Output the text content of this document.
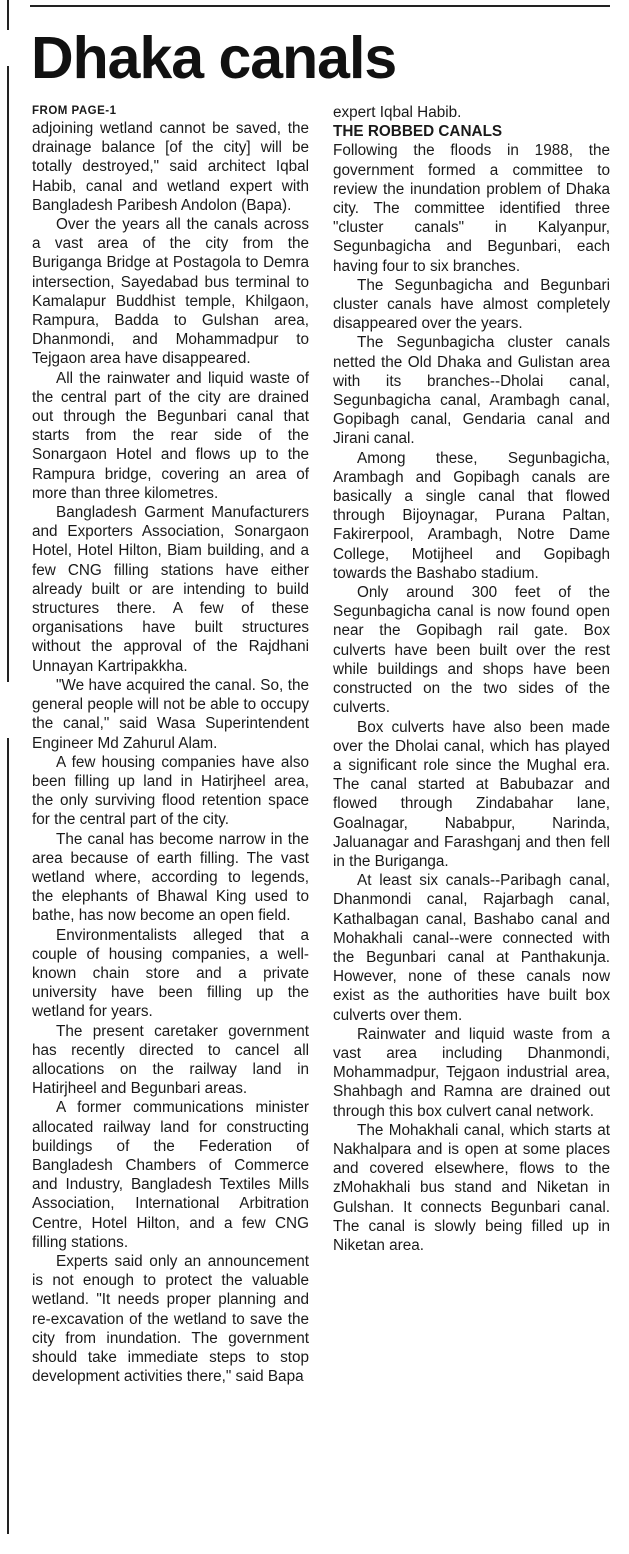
Dhaka canals
FROM PAGE-1

adjoining wetland cannot be saved, the drainage balance [of the city] will be totally destroyed," said architect Iqbal Habib, canal and wetland expert with Bangladesh Paribesh Andolon (Bapa).

Over the years all the canals across a vast area of the city from the Buriganga Bridge at Postagola to Demra intersection, Sayedabad bus terminal to Kamalapur Buddhist temple, Khilgaon, Rampura, Badda to Gulshan area, Dhanmondi, and Mohammadpur to Tejgaon area have disappeared.

All the rainwater and liquid waste of the central part of the city are drained out through the Begunbari canal that starts from the rear side of the Sonargaon Hotel and flows up to the Rampura bridge, covering an area of more than three kilometres.

Bangladesh Garment Manufacturers and Exporters Association, Sonargaon Hotel, Hotel Hilton, Biam building, and a few CNG filling stations have either already built or are intending to build structures there. A few of these organisations have built structures without the approval of the Rajdhani Unnayan Kartripakkha.

"We have acquired the canal. So, the general people will not be able to occupy the canal," said Wasa Superintendent Engineer Md Zahurul Alam.

A few housing companies have also been filling up land in Hatirjheel area, the only surviving flood retention space for the central part of the city.

The canal has become narrow in the area because of earth filling. The vast wetland where, according to legends, the elephants of Bhawal King used to bathe, has now become an open field.

Environmentalists alleged that a couple of housing companies, a well-known chain store and a private university have been filling up the wetland for years.

The present caretaker government has recently directed to cancel all allocations on the railway land in Hatirjheel and Begunbari areas.

A former communications minister allocated railway land for constructing buildings of the Federation of Bangladesh Chambers of Commerce and Industry, Bangladesh Textiles Mills Association, International Arbitration Centre, Hotel Hilton, and a few CNG filling stations.

Experts said only an announcement is not enough to protect the valuable wetland. "It needs proper planning and re-excavation of the wetland to save the city from inundation. The government should take immediate steps to stop development activities there," said Bapa

expert Iqbal Habib.

THE ROBBED CANALS

Following the floods in 1988, the government formed a committee to review the inundation problem of Dhaka city. The committee identified three "cluster canals" in Kalyanpur, Segunbagicha and Begunbari, each having four to six branches.

The Segunbagicha and Begunbari cluster canals have almost completely disappeared over the years.

The Segunbagicha cluster canals netted the Old Dhaka and Gulistan area with its branches--Dholai canal, Segunbagicha canal, Arambagh canal, Gopibagh canal, Gendaria canal and Jirani canal.

Among these, Segunbagicha, Arambagh and Gopibagh canals are basically a single canal that flowed through Bijoynagar, Purana Paltan, Fakirerpool, Arambagh, Notre Dame College, Motijheel and Gopibagh towards the Bashabo stadium.

Only around 300 feet of the Segunbagicha canal is now found open near the Gopibagh rail gate. Box culverts have been built over the rest while buildings and shops have been constructed on the two sides of the culverts.

Box culverts have also been made over the Dholai canal, which has played a significant role since the Mughal era. The canal started at Babubazar and flowed through Zindabahar lane, Goalnagar, Nababpur, Narinda, Jaluanagar and Farashganj and then fell in the Buriganga.

At least six canals--Paribagh canal, Dhanmondi canal, Rajarbagh canal, Kathalbagan canal, Bashabo canal and Mohakhali canal--were connected with the Begunbari canal at Panthakunja. However, none of these canals now exist as the authorities have built box culverts over them.

Rainwater and liquid waste from a vast area including Dhanmondi, Mohammadpur, Tejgaon industrial area, Shahbagh and Ramna are drained out through this box culvert canal network.

The Mohakhali canal, which starts at Nakhalpara and is open at some places and covered elsewhere, flows to the zMohakhali bus stand and Niketan in Gulshan. It connects Begunbari canal. The canal is slowly being filled up in Niketan area.
